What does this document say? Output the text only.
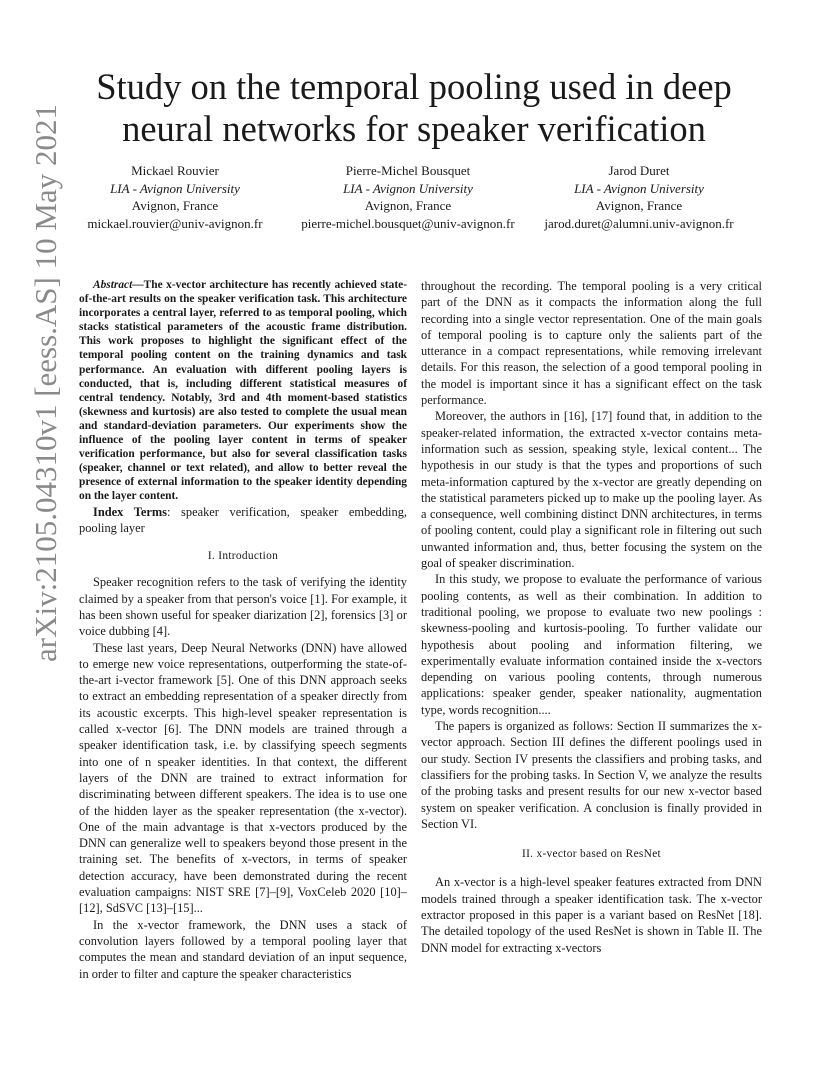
Study on the temporal pooling used in deep neural networks for speaker verification
Mickael Rouvier
LIA - Avignon University
Avignon, France
mickael.rouvier@univ-avignon.fr
Pierre-Michel Bousquet
LIA - Avignon University
Avignon, France
pierre-michel.bousquet@univ-avignon.fr
Jarod Duret
LIA - Avignon University
Avignon, France
jarod.duret@alumni.univ-avignon.fr
arXiv:2105.04310v1 [eess.AS] 10 May 2021	Abstract—The x-vector architecture has recently achieved state-of-the-art results on the speaker verification task. This architecture incorporates a central layer, referred to as temporal pooling, which stacks statistical parameters of the acoustic frame distribution. This work proposes to highlight the significant effect of the temporal pooling content on the training dynamics and task performance. An evaluation with different pooling layers is conducted, that is, including different statistical measures of central tendency. Notably, 3rd and 4th moment-based statistics (skewness and kurtosis) are also tested to complete the usual mean and standard-deviation parameters. Our experiments show the influence of the pooling layer content in terms of speaker verification performance, but also for several classification tasks (speaker, channel or text related), and allow to better reveal the presence of external information to the speaker identity depending on the layer content.

Index Terms: speaker verification, speaker embedding, pooling layer

I. Introduction

Speaker recognition refers to the task of verifying the identity claimed by a speaker from that person's voice [1]. For example, it has been shown useful for speaker diarization [2], forensics [3] or voice dubbing [4].

These last years, Deep Neural Networks (DNN) have allowed to emerge new voice representations, outperforming the state-of-the-art i-vector framework [5]. One of this DNN approach seeks to extract an embedding representation of a speaker directly from its acoustic excerpts. This high-level speaker representation is called x-vector [6]. The DNN models are trained through a speaker identification task, i.e. by classifying speech segments into one of n speaker identities. In that context, the different layers of the DNN are trained to extract information for discriminating between different speakers. The idea is to use one of the hidden layer as the speaker representation (the x-vector). One of the main advantage is that x-vectors produced by the DNN can generalize well to speakers beyond those present in the training set. The benefits of x-vectors, in terms of speaker detection accuracy, have been demonstrated during the recent evaluation campaigns: NIST SRE [7]–[9], VoxCeleb 2020 [10]–[12], SdSVC [13]–[15]...

In the x-vector framework, the DNN uses a stack of convolution layers followed by a temporal pooling layer that computes the mean and standard deviation of an input sequence, in order to filter and capture the speaker characteristics

throughout the recording. The temporal pooling is a very critical part of the DNN as it compacts the information along the full recording into a single vector representation. One of the main goals of temporal pooling is to capture only the salients part of the utterance in a compact representations, while removing irrelevant details. For this reason, the selection of a good temporal pooling in the model is important since it has a significant effect on the task performance.

Moreover, the authors in [16], [17] found that, in addition to the speaker-related information, the extracted x-vector contains meta-information such as session, speaking style, lexical content... The hypothesis in our study is that the types and proportions of such meta-information captured by the x-vector are greatly depending on the statistical parameters picked up to make up the pooling layer. As a consequence, well combining distinct DNN architectures, in terms of pooling content, could play a significant role in filtering out such unwanted information and, thus, better focusing the system on the goal of speaker discrimination.

In this study, we propose to evaluate the performance of various pooling contents, as well as their combination. In addition to traditional pooling, we propose to evaluate two new poolings : skewness-pooling and kurtosis-pooling. To further validate our hypothesis about pooling and information filtering, we experimentally evaluate information contained inside the x-vectors depending on various pooling contents, through numerous applications: speaker gender, speaker nationality, augmentation type, words recognition....

The papers is organized as follows: Section II summarizes the x-vector approach. Section III defines the different poolings used in our study. Section IV presents the classifiers and probing tasks, and classifiers for the probing tasks. In Section V, we analyze the results of the probing tasks and present results for our new x-vector based system on speaker verification. A conclusion is finally provided in Section VI.

II. x-vector based on ResNet

An x-vector is a high-level speaker features extracted from DNN models trained through a speaker identification task. The x-vector extractor proposed in this paper is a variant based on ResNet [18]. The detailed topology of the used ResNet is shown in Table II. The DNN model for extracting x-vectors
